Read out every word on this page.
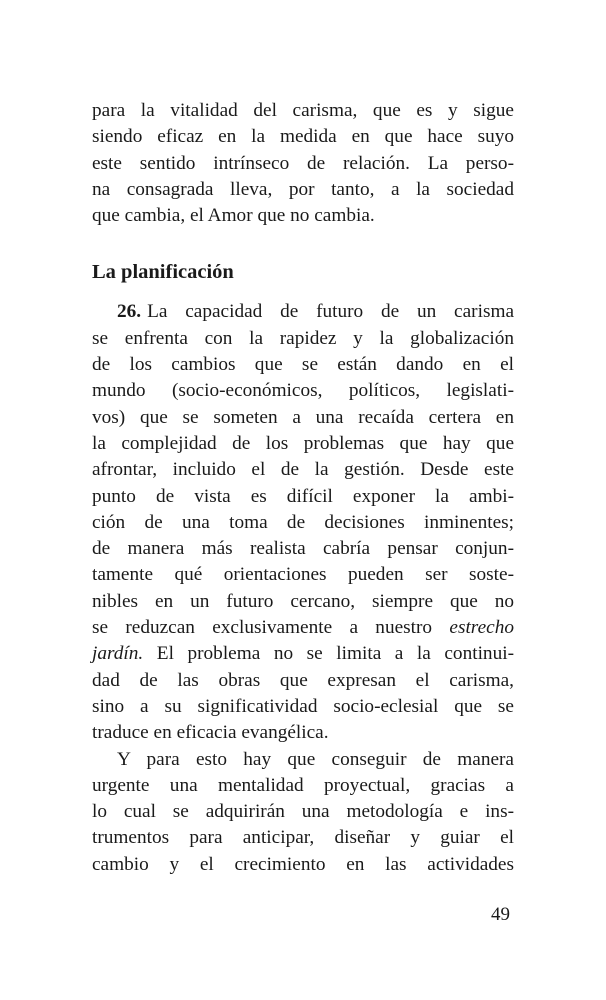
para la vitalidad del carisma, que es y sigue
siendo eficaz en la medida en que hace suyo
este sentido intrínseco de relación. La perso-
na consagrada lleva, por tanto, a la sociedad
que cambia, el Amor que no cambia.
La planificación
26. La capacidad de futuro de un carisma
se enfrenta con la rapidez y la globalización
de los cambios que se están dando en el
mundo (socio-económicos, políticos, legislati-
vos) que se someten a una recaída certera en
la complejidad de los problemas que hay que
afrontar, incluido el de la gestión. Desde este
punto de vista es difícil exponer la ambi-
ción de una toma de decisiones inminentes;
de manera más realista cabría pensar conjun-
tamente qué orientaciones pueden ser soste-
nibles en un futuro cercano, siempre que no
se reduzcan exclusivamente a nuestro estrecho
jardín. El problema no se limita a la continui-
dad de las obras que expresan el carisma,
sino a su significatividad socio-eclesial que se
traduce en eficacia evangélica.
Y para esto hay que conseguir de manera
urgente una mentalidad proyectual, gracias a
lo cual se adquirirán una metodología e ins-
trumentos para anticipar, diseñar y guiar el
cambio y el crecimiento en las actividades
49
